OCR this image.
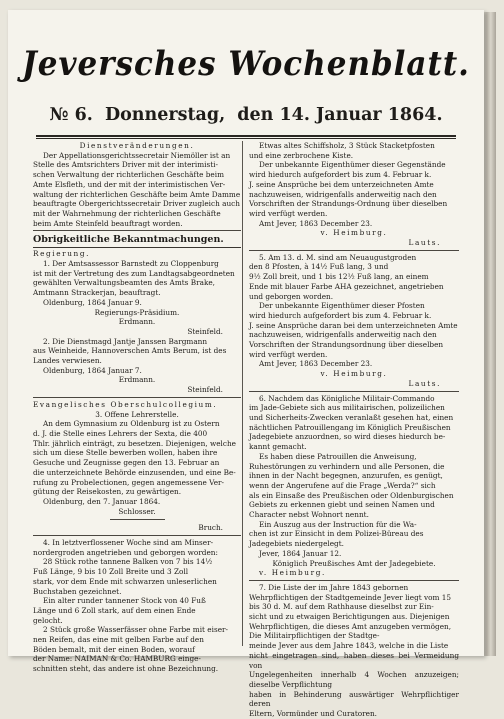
Jeversches Wochenblatt.
№ 6. Donnerstag, den 14. Januar 1864.

Dienstveränderungen.

Der Appellationsgerichtssecretair Niemöller ist an

Stelle des Amtsrichters Driver mit der interimisti-

schen Verwaltung der richterlichen Geschäfte beim

Amte Elsfleth, und der mit der interimistischen Ver-

waltung der richterlichen Geschäfte beim Amte Damme

beauftragte Obergerichtssecretair Driver zugleich auch

mit der Wahrnehmung der richterlichen Geschäfte

beim Amte Steinfeld beauftragt worden.

Obrigkeitliche Bekanntmachungen.

Regierung.

1. Der Amtsassessor Barnstedt zu Cloppenburg

ist mit der Vertretung des zum Landtagsabgeordneten

gewählten Verwaltungsbeamten des Amts Brake,

Amtmann Strackerjan, beauftragt.

Oldenburg, 1864 Januar 9.

Regierungs-Präsidium.

Erdmann.

Steinfeld.

2. Die Dienstmagd Jantje Janssen Bargmann

aus Weinheide, Hannoverschen Amts Berum, ist des

Landes verwiesen.

Oldenburg, 1864 Januar 7.

Erdmann.

Steinfeld.

Evangelisches Oberschulcollegium.

3. Offene Lehrerstelle.

An dem Gymnasium zu Oldenburg ist zu Ostern

d. J. die Stelle eines Lehrers der Sexta, die 400

Thlr. jährlich einträgt, zu besetzen. Diejenigen, welche

sich um diese Stelle bewerben wollen, haben ihre

Gesuche und Zeugnisse gegen den 13. Februar an

die unterzeichnete Behörde einzusenden, und eine Be-

rufung zu Probelectionen, gegen angemessene Ver-

gütung der Reisekosten, zu gewärtigen.

Oldenburg, den 7. Januar 1864.

Schlosser.

Bruch.

4. In letztverflossener Woche sind am Minser-

nordergroden angetrieben und geborgen worden:

28 Stück rothe tannene Balken von 7 bis 14½

Fuß Länge, 9 bis 10 Zoll Breite und 3 Zoll

stark, vor dem Ende mit schwarzen unleserlichen

Buchstaben gezeichnet.

Ein alter runder tannener Stock von 40 Fuß

Länge und 6 Zoll stark, auf dem einen Ende

gelocht.

2 Stück große Wasserfässer ohne Farbe mit eiser-

nen Reifen, das eine mit gelben Farbe auf den

Böden bemalt, mit der einen Boden, worauf

der Name: NAIMAN & Co. HAMBURG einge-

schnitten steht, das andere ist ohne Bezeichnung.

Etwas altes Schiffsholz, 3 Stück Stacketpfosten

und eine zerbrochene Kiste.

Der unbekannte Eigenthümer dieser Gegenstände

wird hiedurch aufgefordert bis zum 4. Februar k.

J. seine Ansprüche bei dem unterzeichneten Amte

nachzuweisen, widrigenfalls anderweitig nach den

Vorschriften der Strandungs-Ordnung über dieselben

wird verfügt werden.

Amt Jever, 1863 December 23.

v. Heimburg.

Lauts.

5. Am 13. d. M. sind am Neuaugustgroden

den 8 Pfosten, à 14½ Fuß lang, 3 und

9½ Zoll breit, und 1 bis 12½ Fuß lang, an einem

Ende mit blauer Farbe AHA gezeichnet, angetrieben

und geborgen worden.

Der unbekannte Eigenthümer dieser Pfosten

wird hiedurch aufgefordert bis zum 4. Februar k.

J. seine Ansprüche daran bei dem unterzeichneten Amte

nachzuweisen, widrigenfalls anderweitig nach den

Vorschriften der Strandungsordnung über dieselben

wird verfügt werden.

Amt Jever, 1863 December 23.

v. Heimburg.

Lauts.

6. Nachdem das Königliche Militair-Commando

im Jade-Gebiete sich aus militairischen, polizeilichen

und Sicherheits-Zwecken veranlaßt gesehen hat, einen

nächtlichen Patrouillengang im Königlich Preußischen

Jadegebiete anzuordnen, so wird dieses hiedurch be-

kannt gemacht.

Es haben diese Patrouillen die Anweisung,

Ruhestörungen zu verhindern und alle Personen, die

ihnen in der Nacht begegnen, anzurufen, es genügt,

wenn der Angerufene auf die Frage „Werda?“ sich

als ein Einsaße des Preußischen oder Oldenburgischen

Gebiets zu erkennen giebt und seinen Namen und

Character nebst Wohnort nennt.

Ein Auszug aus der Instruction für die Wa-

chen ist zur Einsicht in dem Polizei-Büreau des

Jadegebiets niedergelegt.

Jever, 1864 Januar 12.

Königlich Preußisches Amt der Jadegebiete.

v. Heimburg.

7. Die Liste der im Jahre 1843 gebornen

Wehrpflichtigen der Stadtgemeinde Jever liegt vom 15

bis 30 d. M. auf dem Rathhause dieselbst zur Ein-

sicht und zu etwaigen Berichtigungen aus. Diejenigen

Wehrpflichtigen, die dieses Amt anzugeben vermögen,

Die Militairpflichtigen der Stadtge-

meinde Jever aus dem Jahre 1843, welche in die Liste

nicht eingetragen sind, haben dieses bei Vermeidung von

Ungelegenheiten innerhalb 4 Wochen anzuzeigen; dieselbe Verpflichtung

haben in Behinderung auswärtiger Wehrpflichtiger deren

Eltern, Vormünder und Curatoren.
